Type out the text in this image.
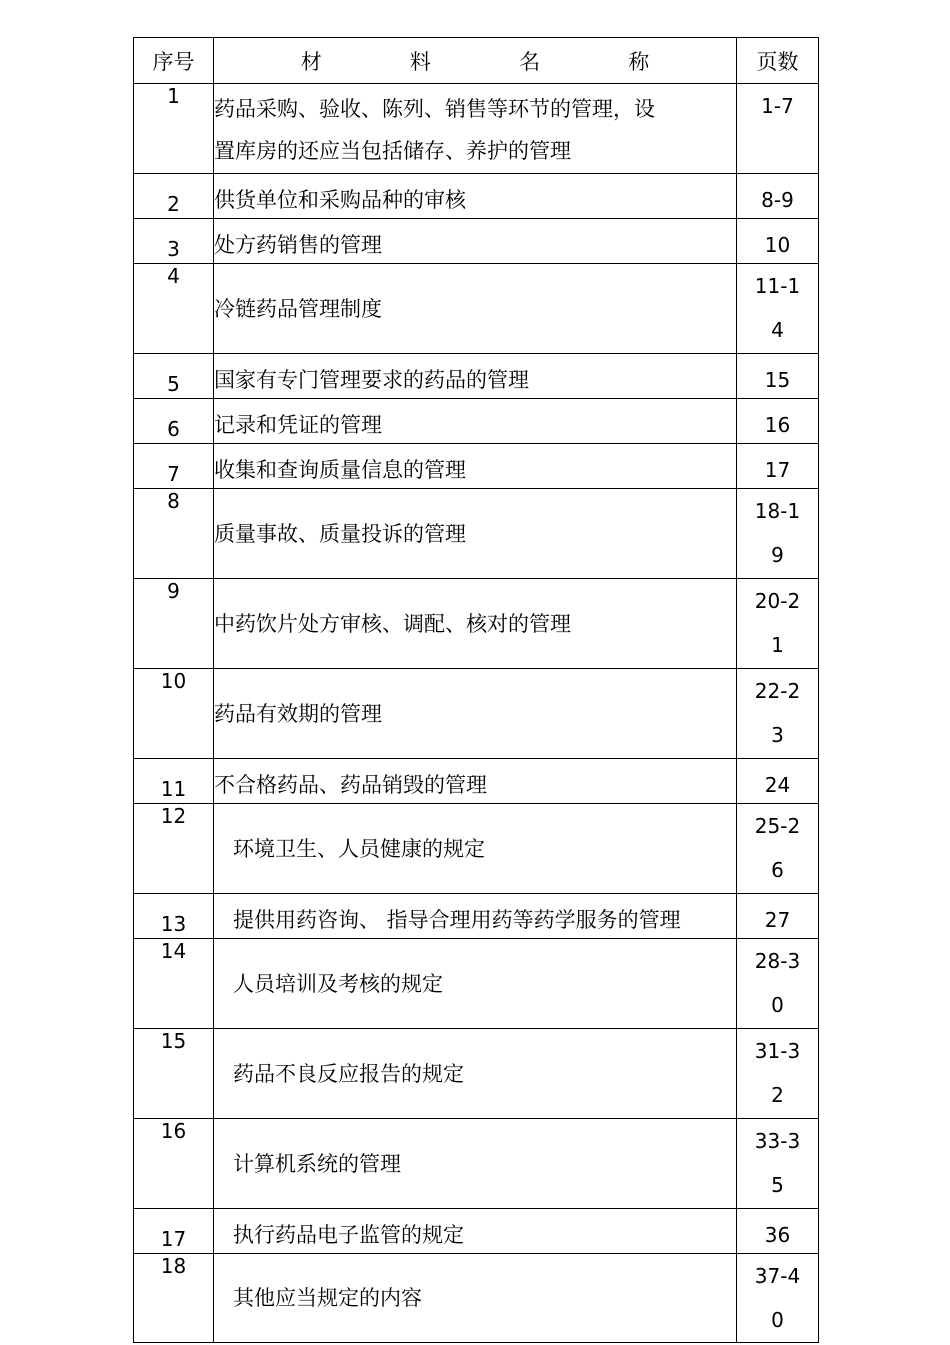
序号	材　料　名　称	页数
1	药品采购、验收、陈列、销售等环节的管理，设
置库房的还应当包括储存、养护的管理	1-7

2	供货单位和采购品种的审核	8-9

3	处方药销售的管理	10

4	冷链药品管理制度	11-1
4

5	国家有专门管理要求的药品的管理	15

6	记录和凭证的管理	16

7	收集和查询质量信息的管理	17

8	质量事故、质量投诉的管理	18-1
9

9	中药饮片处方审核、调配、核对的管理	20-2
1

10	药品有效期的管理	22-2
3

11	不合格药品、药品销毁的管理	24

12	环境卫生、人员健康的规定	25-2
6

13	提供用药咨询、 指导合理用药等药学服务的管理	27

14	人员培训及考核的规定	28-3
0

15	药品不良反应报告的规定	31-3
2

16	计算机系统的管理	33-3
5

17	执行药品电子监管的规定	36

18	其他应当规定的内容	37-4
0
